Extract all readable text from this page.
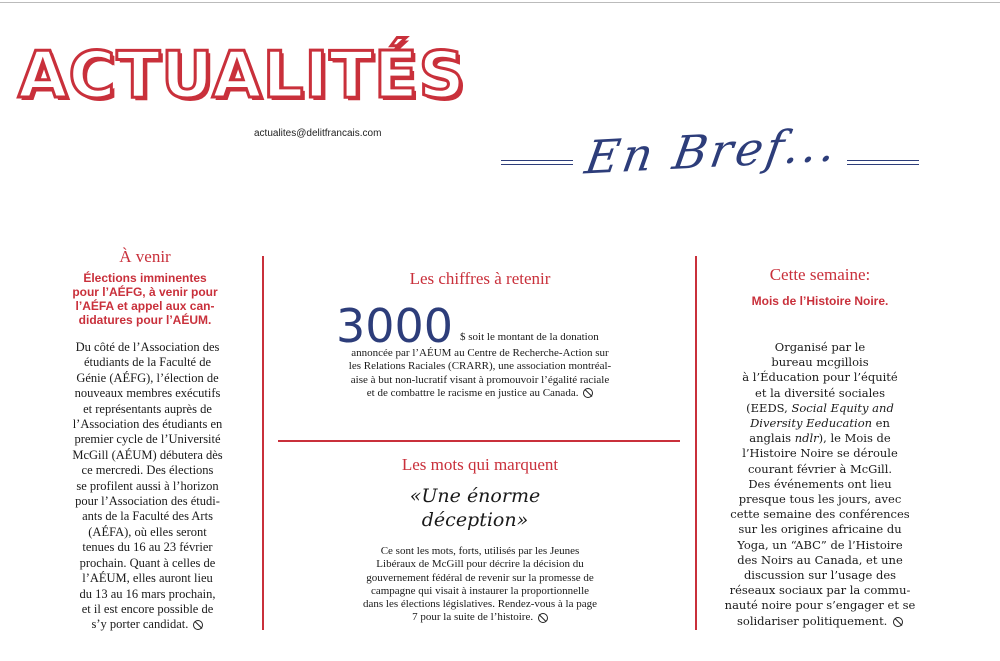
ACTUALITÉS
actualites@delitfrancais.com	En Bref...
À venir
Élections imminentes
pour l’AÉFG, à venir pour
l’AÉFA et appel aux can-
didatures pour l’AÉUM.
Du côté de l’Association des
étudiants de la Faculté de
Génie (AÉFG), l’élection de
nouveaux membres exécutifs
et représentants auprès de
l’Association des étudiants en
premier cycle de l’Université
McGill (AÉUM) débutera dès
ce mercredi. Des élections
se profilent aussi à l’horizon
pour l’Association des étudi-
ants de la Faculté des Arts
(AÉFA), où elles seront
tenues du 16 au 23 février
prochain. Quant à celles de
l’AÉUM, elles auront lieu
du 13 au 16 mars prochain,
et il est encore possible de
s’y porter candidat.
Les chiffres à retenir
3000 $ soit le montant de la donation
annoncée par l’AÉUM au Centre de Recherche-Action sur
les Relations Raciales (CRARR), une association montréal-
aise à but non-lucratif visant à promouvoir l’égalité raciale
et de combattre le racisme en justice au Canada.
Les mots qui marquent
«Une énorme déception»
Ce sont les mots, forts, utilisés par les Jeunes
Libéraux de McGill pour décrire la décision du
gouvernement fédéral de revenir sur la promesse de
campagne qui visait à instaurer la proportionnelle
dans les élections législatives. Rendez-vous à la page
7 pour la suite de l’histoire.
Cette semaine:
Mois de l’Histoire Noire.
Organisé par le
bureau mcgillois
à l’Éducation pour l’équité
et la diversité sociales
(EEDS, Social Equity and
Diversity Eeducation en
anglais ndlr), le Mois de
l’Histoire Noire se déroule
courant février à McGill.
Des événements ont lieu
presque tous les jours, avec
cette semaine des conférences
sur les origines africaine du
Yoga, un “ABC” de l’Histoire
des Noirs au Canada, et une
discussion sur l’usage des
réseaux sociaux par la commu-
nauté noire pour s’engager et se
solidariser politiquement.
